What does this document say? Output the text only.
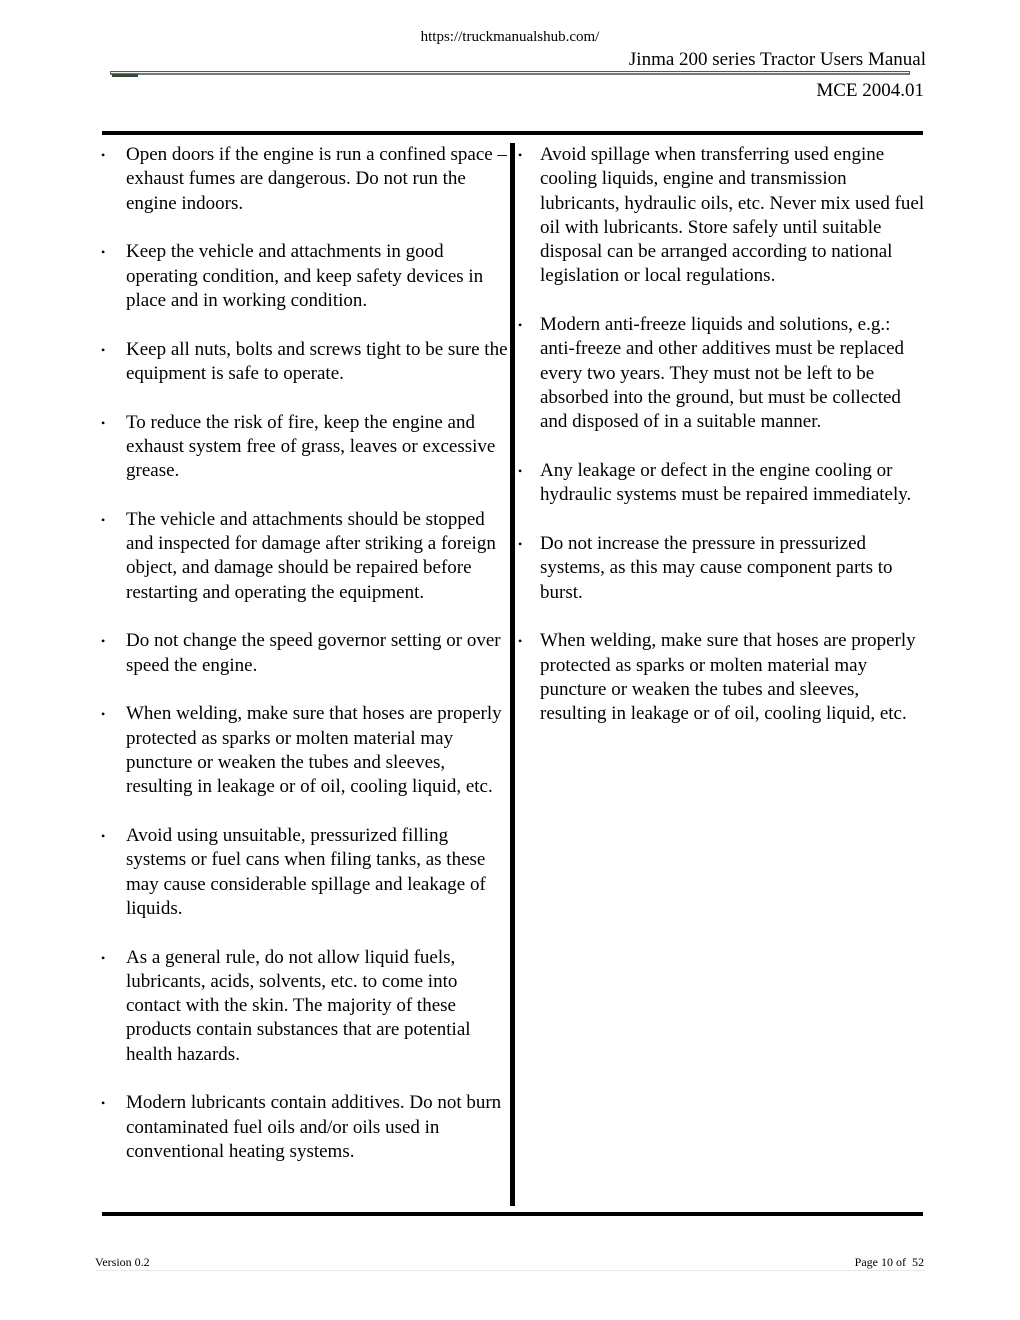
https://truckmanualshub.com/
Jinma 200 series Tractor Users Manual
MCE 2004.01
• Open doors if the engine is run a confined space – exhaust fumes are dangerous. Do not run the engine indoors.
• Keep the vehicle and attachments in good operating condition, and keep safety devices in place and in working condition.
• Keep all nuts, bolts and screws tight to be sure the equipment is safe to operate.
• To reduce the risk of fire, keep the engine and exhaust system free of grass, leaves or excessive grease.
• The vehicle and attachments should be stopped and inspected for damage after striking a foreign object, and damage should be repaired before restarting and operating the equipment.
• Do not change the speed governor setting or over speed the engine.
• When welding, make sure that hoses are properly protected as sparks or molten material may puncture or weaken the tubes and sleeves, resulting in leakage or of oil, cooling liquid, etc.
• Avoid using unsuitable, pressurized filling systems or fuel cans when filing tanks, as these may cause considerable spillage and leakage of liquids.
• As a general rule, do not allow liquid fuels, lubricants, acids, solvents, etc. to come into contact with the skin. The majority of these products contain substances that are potential health hazards.
• Modern lubricants contain additives. Do not burn contaminated fuel oils and/or oils used in conventional heating systems.
• Avoid spillage when transferring used engine cooling liquids, engine and transmission lubricants, hydraulic oils, etc. Never mix used fuel oil with lubricants. Store safely until suitable disposal can be arranged according to national legislation or local regulations.
• Modern anti-freeze liquids and solutions, e.g.: anti-freeze and other additives must be replaced every two years. They must not be left to be absorbed into the ground, but must be collected and disposed of in a suitable manner.
• Any leakage or defect in the engine cooling or hydraulic systems must be repaired immediately.
• Do not increase the pressure in pressurized systems, as this may cause component parts to burst.
• When welding, make sure that hoses are properly protected as sparks or molten material may puncture or weaken the tubes and sleeves, resulting in leakage or of oil, cooling liquid, etc.
Version 0.2	Page 10 of  52
